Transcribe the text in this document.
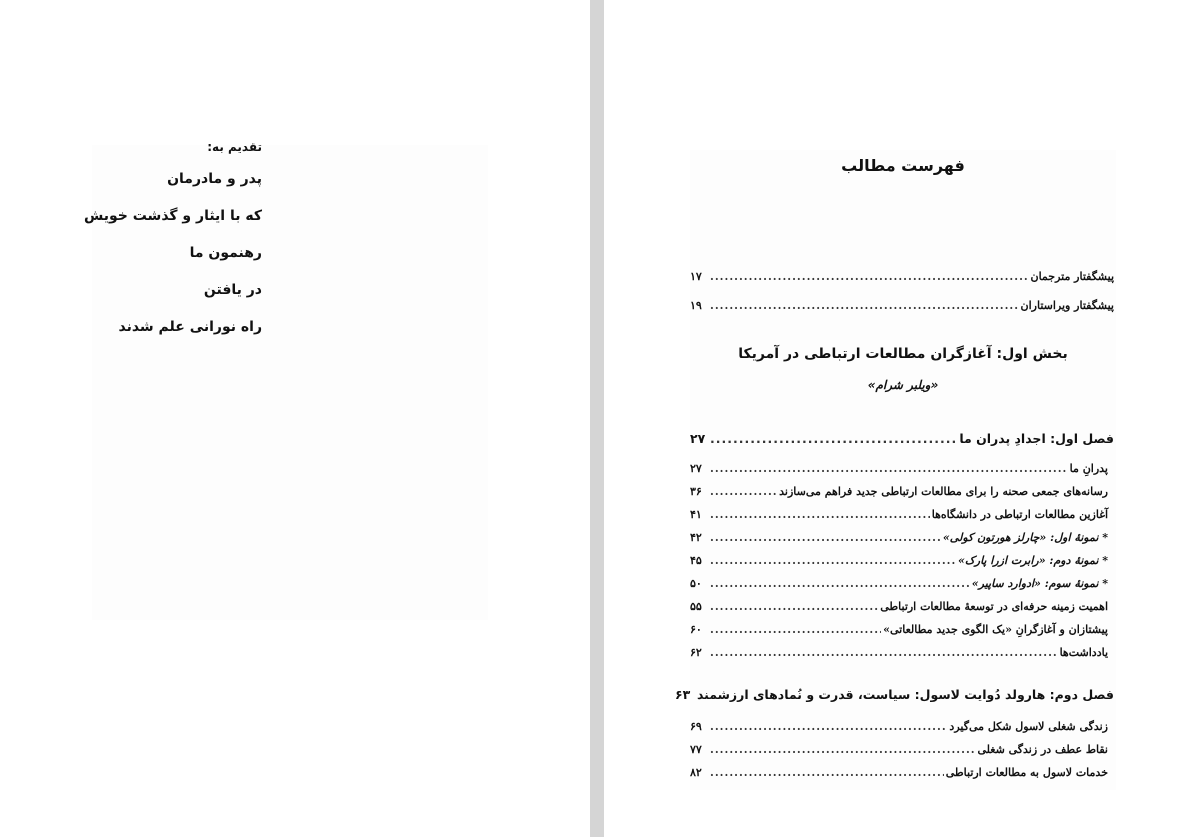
تقدیم به:
پدر و مادرمان
که با ایثار و گذشت خویش
رهنمون ما
در یافتن
راه نورانی علم شدند
فهرست مطالب
پیشگفتار مترجمان
.....
۱۷
پیشگفتار ویراستاران
.....
۱۹
بخش اول: آغازگران مطالعات ارتباطی در آمریکا
«ویلبر شرام»
فصل اول: اجدادِ پدران ما
.....
۲۷
پدرانِ ما
.....
۲۷
رسانه‌های جمعی صحنه را برای مطالعات ارتباطی جدید فراهم می‌سازند
.....
۳۶
آغازین مطالعات ارتباطی در دانشگاه‌ها
.....
۴۱
* نمونهٔ اول: «چارلز هورتون کولی»
.....
۴۲
* نمونهٔ دوم: «رابرت ازرا پارک»
.....
۴۵
* نمونهٔ سوم: «ادوارد ساپیر»
.....
۵۰
اهمیت زمینه حرفه‌ای در توسعهٔ مطالعات ارتباطی
.....
۵۵
پیشتازان و آغازگرانِ «یک الگوی جدید مطالعاتی»
.....
۶۰
یادداشت‌ها
.....
۶۲
فصل دوم: هارولد دُوایت لاسول: سیاست، قدرت و نُمادهای ارزشمند
۶۳
زندگی شغلی لاسول شکل می‌گیرد
.....
۶۹
نقاط عطف در زندگی شغلی
.....
۷۷
خدمات لاسول به مطالعات ارتباطی
.....
۸۲
